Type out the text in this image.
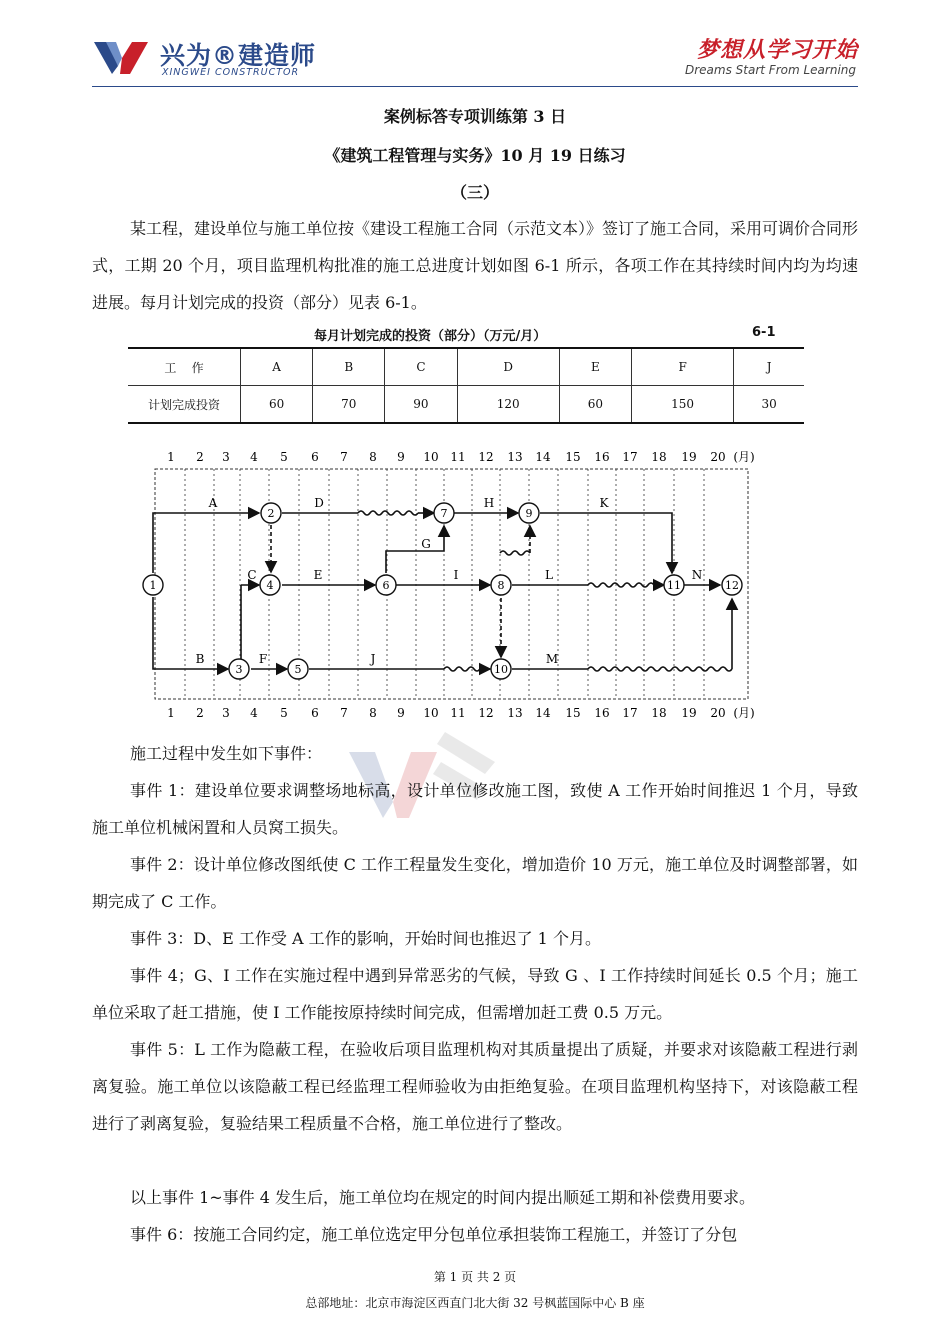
兴为®建造师
XINGWEI CONSTRUCTOR
梦想从学习开始
Dreams Start From Learning
案例标答专项训练第 3 日
《建筑工程管理与实务》10 月 19 日练习
（三）
某工程，建设单位与施工单位按《建设工程施工合同（示范文本）》签订了施工合同，采用可调价合同形式，工期 20 个月，项目监理机构批准的施工总进度计划如图 6-1 所示，各项工作在其持续时间内均为均速进展。每月计划完成的投资（部分）见表 6-1。
每月计划完成的投资（部分）（万元/月）	6-1
工    作	A	B	C	D	E	F	J
计划完成投资	60	70	90	120	60	150	30
1 2 3 4 5 6 7 8 9 10 11 12 13 14 15 16 17 18 19 20 (月)
1 2 3 4 5 6 7 8 9 10 11 12 13 14 15 16 17 18 19 20 (月)
A
B
C
D
E
F
G
H
I
J
K
L
M
N
1
2
3
4
5
6
7
8
9
10
11	12
施工过程中发生如下事件：
事件 1：建设单位要求调整场地标高，设计单位修改施工图，致使 A 工作开始时间推迟 1 个月，导致施工单位机械闲置和人员窝工损失。
事件 2：设计单位修改图纸使 C 工作工程量发生变化，增加造价 10 万元，施工单位及时调整部署，如期完成了 C 工作。
事件 3：D、E 工作受 A 工作的影响，开始时间也推迟了 1 个月。
事件 4；G、I 工作在实施过程中遇到异常恶劣的气候，导致 G 、I 工作持续时间延长 0.5 个月；施工单位采取了赶工措施，使 I 工作能按原持续时间完成，但需增加赶工费 0.5 万元。
事件 5：L 工作为隐蔽工程，在验收后项目监理机构对其质量提出了质疑，并要求对该隐蔽工程进行剥离复验。施工单位以该隐蔽工程已经监理工程师验收为由拒绝复验。在项目监理机构坚持下，对该隐蔽工程进行了剥离复验，复验结果工程质量不合格，施工单位进行了整改。
以上事件 1~事件 4 发生后，施工单位均在规定的时间内提出顺延工期和补偿费用要求。
事件 6：按施工合同约定，施工单位选定甲分包单位承担装饰工程施工，并签订了分包
第 1 页 共 2 页
总部地址：北京市海淀区西直门北大街 32 号枫蓝国际中心 B 座
